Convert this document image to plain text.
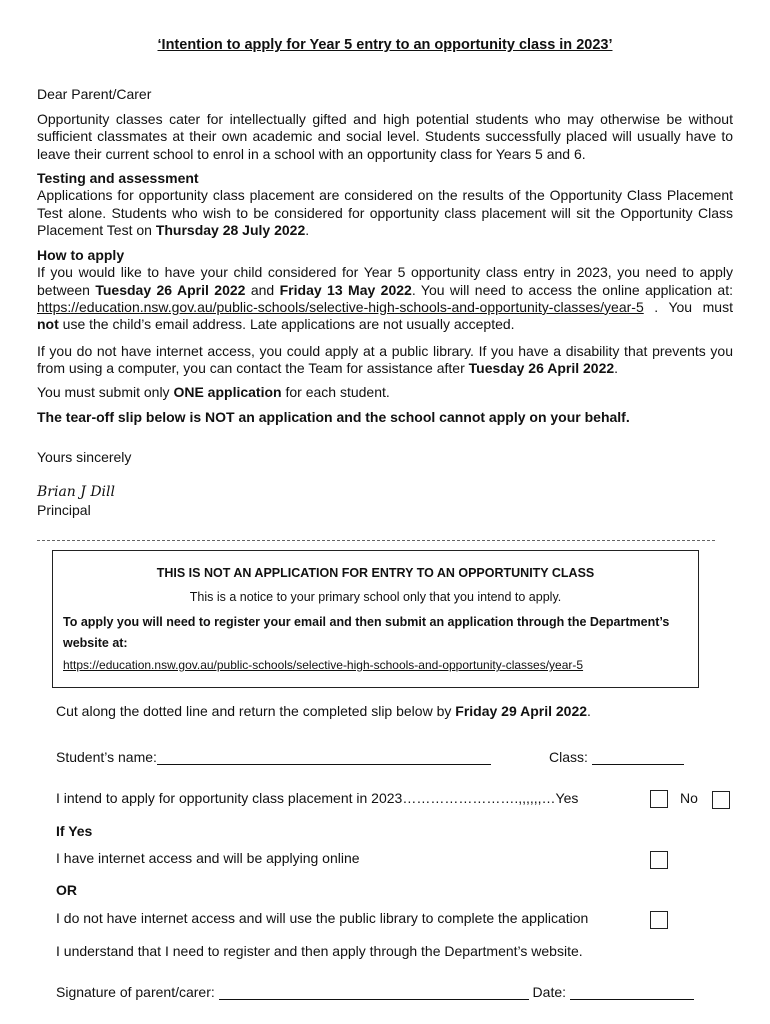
‘Intention to apply for Year 5 entry to an opportunity class in 2023’

Dear Parent/Carer

Opportunity classes cater for intellectually gifted and high potential students who may otherwise be without sufficient classmates at their own academic and social level. Students successfully placed will usually have to leave their current school to enrol in a school with an opportunity class for Years 5 and 6.

Testing and assessment

Applications for opportunity class placement are considered on the results of the Opportunity Class Placement Test alone. Students who wish to be considered for opportunity class placement will sit the Opportunity Class Placement Test on Thursday 28 July 2022.

How to apply

If you would like to have your child considered for Year 5 opportunity class entry in 2023, you need to apply between Tuesday 26 April 2022 and Friday 13 May 2022. You will need to access the online application at: https://education.nsw.gov.au/public-schools/selective-high-schools-and-opportunity-classes/year-5 . You must not use the child’s email address. Late applications are not usually accepted.

If you do not have internet access, you could apply at a public library. If you have a disability that prevents you from using a computer, you can contact the Team for assistance after Tuesday 26 April 2022.

You must submit only ONE application for each student.

The tear-off slip below is NOT an application and the school cannot apply on your behalf.

Yours sincerely

Brian J Dill

Principal

THIS IS NOT AN APPLICATION FOR ENTRY TO AN OPPORTUNITY CLASS
This is a notice to your primary school only that you intend to apply.
To apply you will need to register your email and then submit an application through the Department’s website at:
https://education.nsw.gov.au/public-schools/selective-high-schools-and-opportunity-classes/year-5
Cut along the dotted line and return the completed slip below by Friday 29 April 2022.
Student’s name:	Class:
I intend to apply for opportunity class placement in 2023…………………….,,,,,,…Yes	No
If Yes
I have internet access and will be applying online
OR
I do not have internet access and will use the public library to complete the application
I understand that I need to register and then apply through the Department’s website.
Signature of parent/carer:	Date:
